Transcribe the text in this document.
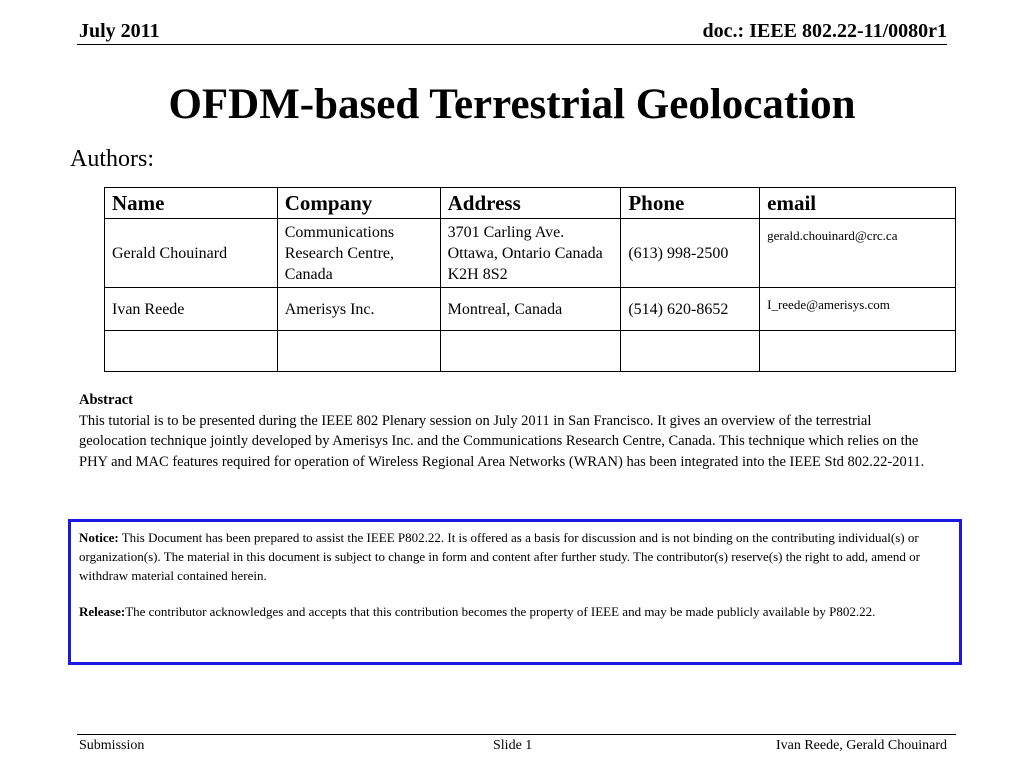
July 2011	doc.: IEEE 802.22-11/0080r1
OFDM-based Terrestrial Geolocation
Authors:
Name	Company	Address	Phone	email
Gerald Chouinard	Communications Research Centre, Canada	3701 Carling Ave. Ottawa, Ontario Canada K2H 8S2	(613) 998-2500	gerald.chouinard@crc.ca
Ivan Reede	Amerisys Inc.	Montreal, Canada	(514) 620-8652	I_reede@amerisys.com

Abstract
This tutorial is to be presented during the IEEE 802 Plenary session on July 2011 in San Francisco. It gives an overview of the terrestrial geolocation technique jointly developed by Amerisys Inc. and the Communications Research Centre, Canada. This technique which relies on the PHY and MAC features required for operation of Wireless Regional Area Networks (WRAN) has been integrated into the IEEE Std 802.22-2011.

Notice: This Document has been prepared to assist the IEEE P802.22. It is offered as a basis for discussion and is not binding on the contributing individual(s) or organization(s). The material in this document is subject to change in form and content after further study. The contributor(s) reserve(s) the right to add, amend or withdraw material contained herein.

Release:The contributor acknowledges and accepts that this contribution becomes the property of IEEE and may be made publicly available by P802.22.

Submission	Slide 1	Ivan Reede, Gerald Chouinard
